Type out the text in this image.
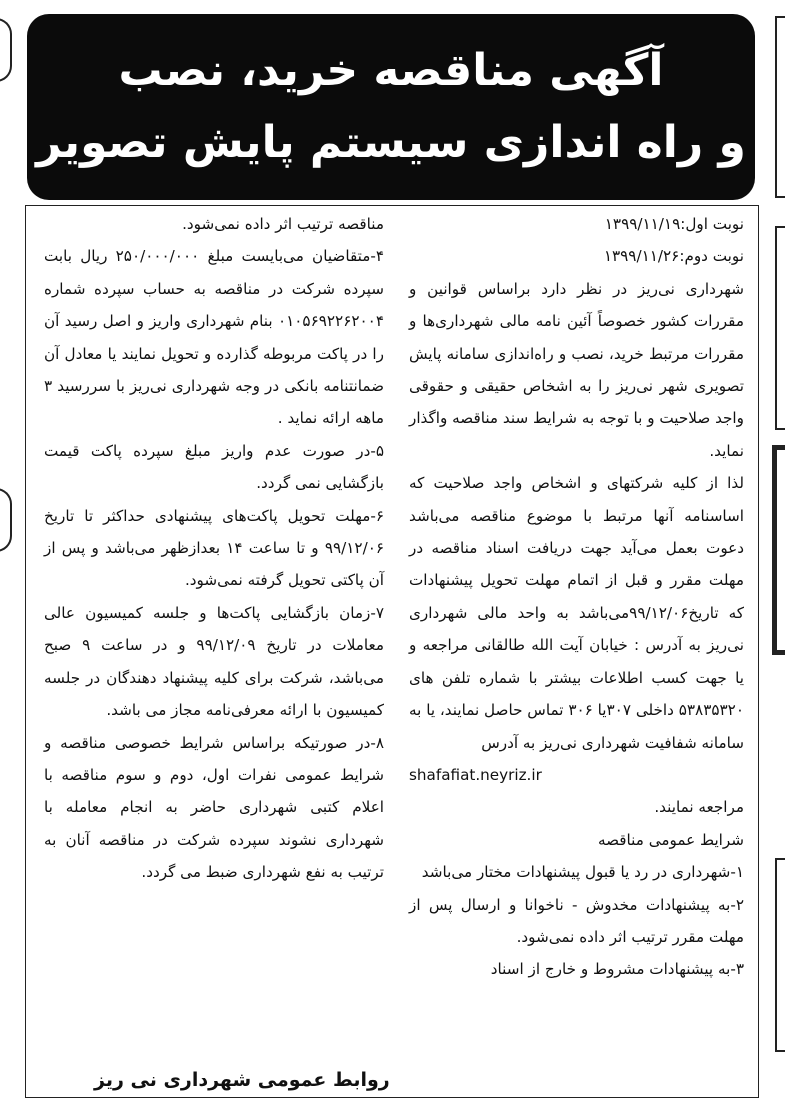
آگهی مناقصه خرید، نصب
و راه اندازی سیستم پایش تصویر

نوبت اول:۱۳۹۹/۱۱/۱۹

نوبت دوم:۱۳۹۹/۱۱/۲۶

شهرداری نی‌ریز در نظر دارد براساس قوانین و مقررات کشور خصوصاً آئین نامه مالی شهرداری‌ها و مقررات مرتبط خرید، نصب و راه‌اندازی سامانه پایش تصویری شهر نی‌ریز را به اشخاص حقیقی و حقوقی واجد صلاحیت و با توجه به شرایط سند مناقصه واگذار نماید.

لذا از کلیه شرکتهای و اشخاص واجد صلاحیت که اساسنامه آنها مرتبط با موضوع مناقصه می‌باشد دعوت بعمل می‌آید جهت دریافت اسناد مناقصه در مهلت مقرر و قبل از اتمام مهلت تحویل پیشنهادات که تاریخ۹۹/۱۲/۰۶می‌باشد به واحد مالی شهرداری نی‌ریز به آدرس : خیابان آیت الله طالقانی مراجعه و یا جهت کسب اطلاعات بیشتر با شماره تلفن های ۵۳۸۳۵۳۲۰ داخلی ۳۰۷یا ۳۰۶ تماس حاصل نمایند، یا به سامانه شفافیت شهرداری نی‌ریز به آدرس

shafafiat.neyriz.ir

مراجعه نمایند.

شرایط عمومی مناقصه

۱-شهرداری در رد یا قبول پیشنهادات مختار می‌باشد

۲-به پیشنهادات مخدوش - ناخوانا و ارسال پس از مهلت مقرر ترتیب اثر داده نمی‌شود.

۳-به پیشنهادات مشروط و خارج از اسناد

مناقصه ترتیب اثر داده نمی‌شود.

۴-متقاضیان می‌بایست مبلغ ۲۵۰/۰۰۰/۰۰۰ ریال بابت سپرده شرکت در مناقصه به حساب سپرده شماره ۰۱۰۵۶۹۲۲۶۲۰۰۴ بنام شهرداری واریز و اصل رسید آن را در پاکت مربوطه گذارده و تحویل نمایند یا معادل آن ضمانتنامه بانکی در وجه شهرداری نی‌ریز با سررسید ۳ ماهه ارائه نماید .

۵-در صورت عدم واریز مبلغ سپرده پاکت قیمت بازگشایی نمی گردد.

۶-مهلت تحویل پاکت‌های پیشنهادی حداکثر تا تاریخ ۹۹/۱۲/۰۶ و تا ساعت ۱۴ بعدازظهر می‌باشد و پس از آن پاکتی تحویل گرفته نمی‌شود.

۷-زمان بازگشایی پاکت‌ها و جلسه کمیسیون عالی معاملات در تاریخ ۹۹/۱۲/۰۹ و در ساعت ۹ صبح می‌باشد، شرکت برای کلیه پیشنهاد دهندگان در جلسه کمیسیون با ارائه معرفی‌نامه مجاز می باشد.

۸-در صورتیکه براساس شرایط خصوصی مناقصه و شرایط عمومی نفرات اول، دوم و سوم مناقصه با اعلام کتبی شهرداری حاضر به انجام معامله با شهرداری نشوند سپرده شرکت در مناقصه آنان به ترتیب به نفع شهرداری ضبط می گردد.

روابط عمومی شهرداری نی ریز
